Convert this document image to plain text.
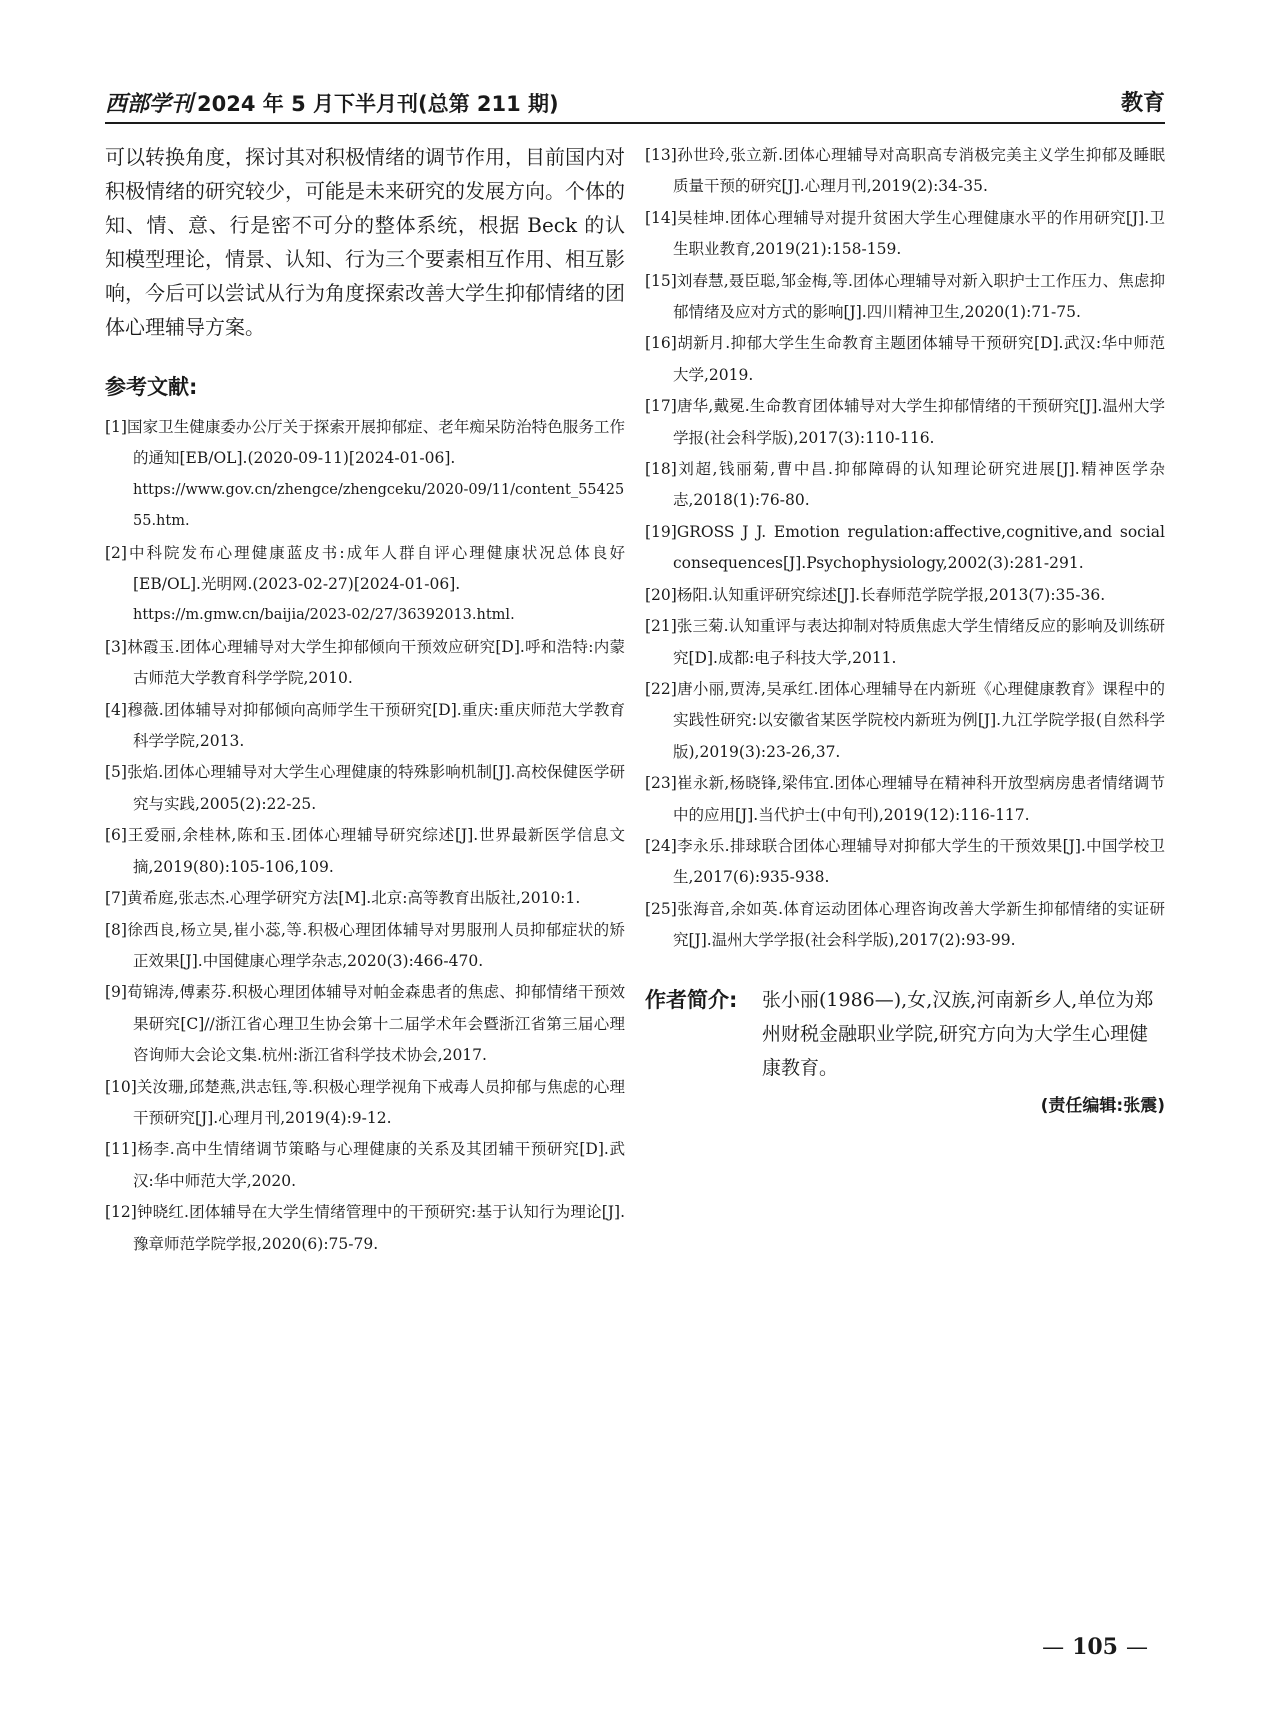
西部学刊 2024 年 5 月下半月刊(总第 211 期)	教育

可以转换角度，探讨其对积极情绪的调节作用，目前国内对积极情绪的研究较少，可能是未来研究的发展方向。个体的知、情、意、行是密不可分的整体系统，根据 Beck 的认知模型理论，情景、认知、行为三个要素相互作用、相互影响，今后可以尝试从行为角度探索改善大学生抑郁情绪的团体心理辅导方案。

参考文献:

[1]国家卫生健康委办公厅关于探索开展抑郁症、老年痴呆防治特色服务工作的通知[EB/OL].(2020-09-11)[2024-01-06].
https://www.gov.cn/zhengce/zhengceku/2020-09/11/content_5542555.htm.

[2]中科院发布心理健康蓝皮书:成年人群自评心理健康状况总体良好[EB/OL].光明网.(2023-02-27)[2024-01-06].
https://m.gmw.cn/baijia/2023-02/27/36392013.html.

[3]林霞玉.团体心理辅导对大学生抑郁倾向干预效应研究[D].呼和浩特:内蒙古师范大学教育科学学院,2010.

[4]穆薇.团体辅导对抑郁倾向高师学生干预研究[D].重庆:重庆师范大学教育科学学院,2013.

[5]张焰.团体心理辅导对大学生心理健康的特殊影响机制[J].高校保健医学研究与实践,2005(2):22-25.

[6]王爱丽,余桂林,陈和玉.团体心理辅导研究综述[J].世界最新医学信息文摘,2019(80):105-106,109.

[7]黄希庭,张志杰.心理学研究方法[M].北京:高等教育出版社,2010:1.

[8]徐西良,杨立昊,崔小蕊,等.积极心理团体辅导对男服刑人员抑郁症状的矫正效果[J].中国健康心理学杂志,2020(3):466-470.

[9]荀锦涛,傅素芬.积极心理团体辅导对帕金森患者的焦虑、抑郁情绪干预效果研究[C]//浙江省心理卫生协会第十二届学术年会暨浙江省第三届心理咨询师大会论文集.杭州:浙江省科学技术协会,2017.

[10]关汝珊,邱楚燕,洪志钰,等.积极心理学视角下戒毒人员抑郁与焦虑的心理干预研究[J].心理月刊,2019(4):9-12.

[11]杨李.高中生情绪调节策略与心理健康的关系及其团辅干预研究[D].武汉:华中师范大学,2020.

[12]钟晓红.团体辅导在大学生情绪管理中的干预研究:基于认知行为理论[J].豫章师范学院学报,2020(6):75-79.

[13]孙世玲,张立新.团体心理辅导对高职高专消极完美主义学生抑郁及睡眠质量干预的研究[J].心理月刊,2019(2):34-35.

[14]吴桂坤.团体心理辅导对提升贫困大学生心理健康水平的作用研究[J].卫生职业教育,2019(21):158-159.

[15]刘春慧,聂臣聪,邹金梅,等.团体心理辅导对新入职护士工作压力、焦虑抑郁情绪及应对方式的影响[J].四川精神卫生,2020(1):71-75.

[16]胡新月.抑郁大学生生命教育主题团体辅导干预研究[D].武汉:华中师范大学,2019.

[17]唐华,戴冕.生命教育团体辅导对大学生抑郁情绪的干预研究[J].温州大学学报(社会科学版),2017(3):110-116.

[18]刘超,钱丽菊,曹中昌.抑郁障碍的认知理论研究进展[J].精神医学杂志,2018(1):76-80.

[19]GROSS J J. Emotion regulation:affective,cognitive,and social consequences[J].Psychophysiology,2002(3):281-291.

[20]杨阳.认知重评研究综述[J].长春师范学院学报,2013(7):35-36.

[21]张三菊.认知重评与表达抑制对特质焦虑大学生情绪反应的影响及训练研究[D].成都:电子科技大学,2011.

[22]唐小丽,贾涛,吴承红.团体心理辅导在内新班《心理健康教育》课程中的实践性研究:以安徽省某医学院校内新班为例[J].九江学院学报(自然科学版),2019(3):23-26,37.

[23]崔永新,杨晓锋,梁伟宜.团体心理辅导在精神科开放型病房患者情绪调节中的应用[J].当代护士(中旬刊),2019(12):116-117.

[24]李永乐.排球联合团体心理辅导对抑郁大学生的干预效果[J].中国学校卫生,2017(6):935-938.

[25]张海音,余如英.体育运动团体心理咨询改善大学新生抑郁情绪的实证研究[J].温州大学学报(社会科学版),2017(2):93-99.

作者简介: 张小丽(1986—),女,汉族,河南新乡人,单位为郑州财税金融职业学院,研究方向为大学生心理健康教育。
(责任编辑:张震)
— 105 —
